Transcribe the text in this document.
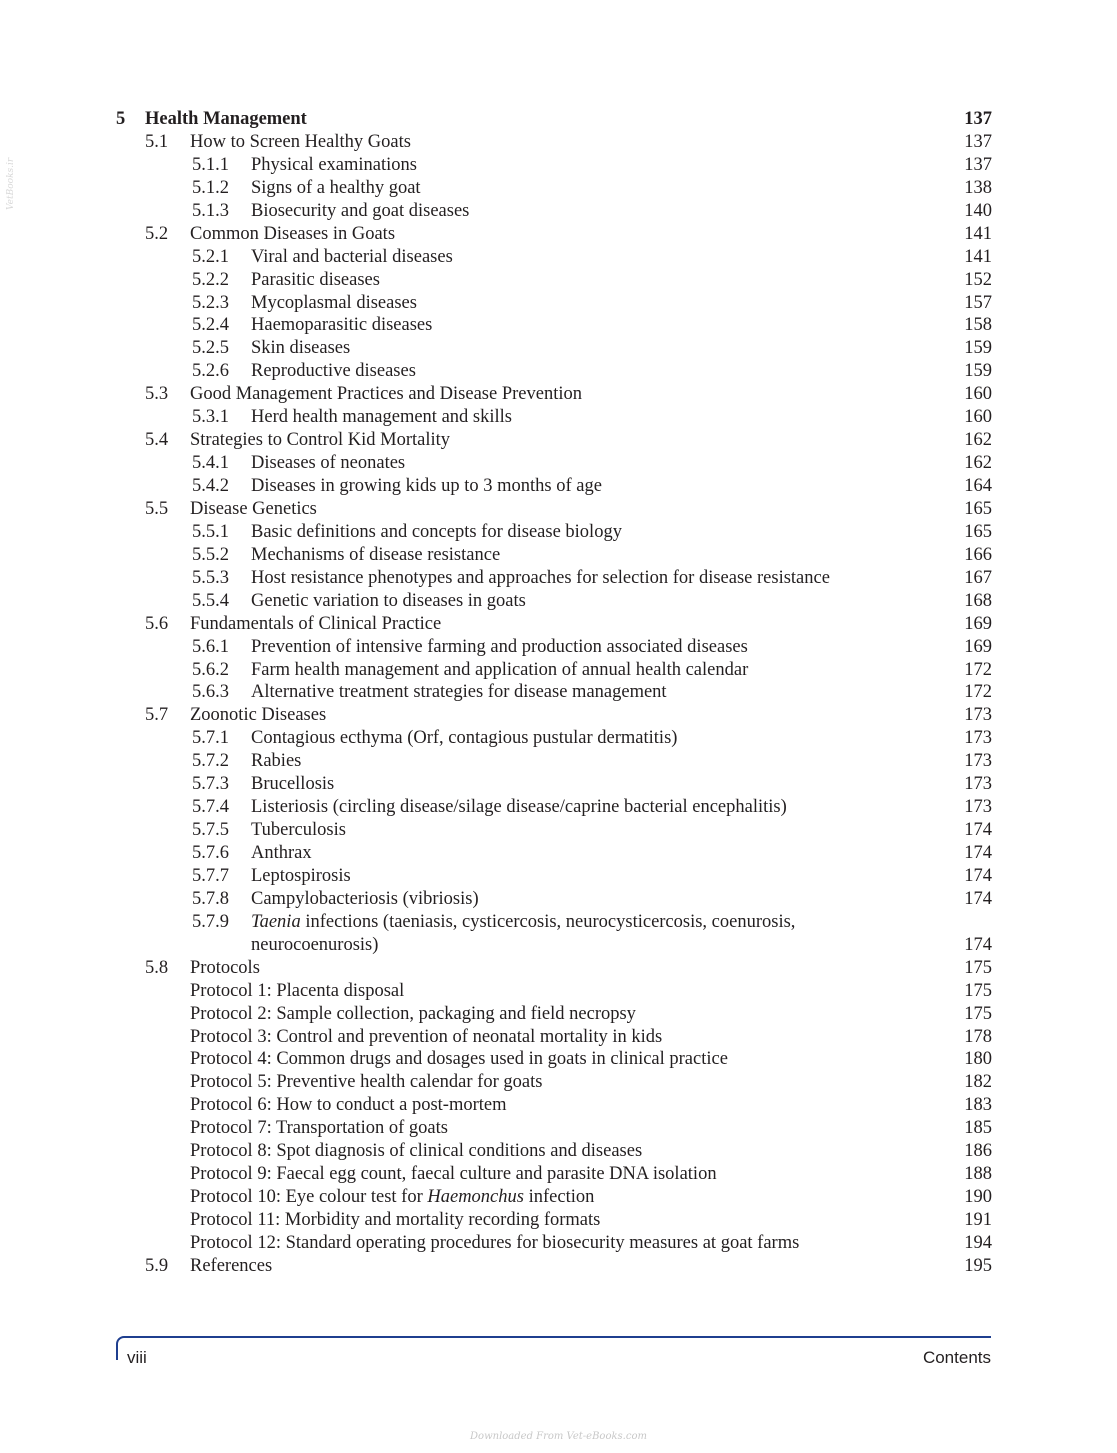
VetBooks.ir
5 Health Management	137
5.1 How to Screen Healthy Goats	137
5.1.1 Physical examinations	137
5.1.2 Signs of a healthy goat	138
5.1.3 Biosecurity and goat diseases	140
5.2 Common Diseases in Goats	141
5.2.1 Viral and bacterial diseases	141
5.2.2 Parasitic diseases	152
5.2.3 Mycoplasmal diseases	157
5.2.4 Haemoparasitic diseases	158
5.2.5 Skin diseases	159
5.2.6 Reproductive diseases	159
5.3 Good Management Practices and Disease Prevention	160
5.3.1 Herd health management and skills	160
5.4 Strategies to Control Kid Mortality	162
5.4.1 Diseases of neonates	162
5.4.2 Diseases in growing kids up to 3 months of age	164
5.5 Disease Genetics	165
5.5.1 Basic definitions and concepts for disease biology	165
5.5.2 Mechanisms of disease resistance	166
5.5.3 Host resistance phenotypes and approaches for selection for disease resistance	167
5.5.4 Genetic variation to diseases in goats	168
5.6 Fundamentals of Clinical Practice	169
5.6.1 Prevention of intensive farming and production associated diseases	169
5.6.2 Farm health management and application of annual health calendar	172
5.6.3 Alternative treatment strategies for disease management	172
5.7 Zoonotic Diseases	173
5.7.1 Contagious ecthyma (Orf, contagious pustular dermatitis)	173
5.7.2 Rabies	173
5.7.3 Brucellosis	173
5.7.4 Listeriosis (circling disease/silage disease/caprine bacterial encephalitis)	173
5.7.5 Tuberculosis	174
5.7.6 Anthrax	174
5.7.7 Leptospirosis	174
5.7.8 Campylobacteriosis (vibriosis)	174
5.7.9 Taenia infections (taeniasis, cysticercosis, neurocysticercosis, coenurosis,
neurocoenurosis)	174
5.8 Protocols	175
Protocol 1: Placenta disposal	175
Protocol 2: Sample collection, packaging and field necropsy	175
Protocol 3: Control and prevention of neonatal mortality in kids	178
Protocol 4: Common drugs and dosages used in goats in clinical practice	180
Protocol 5: Preventive health calendar for goats	182
Protocol 6: How to conduct a post-mortem	183
Protocol 7: Transportation of goats	185
Protocol 8: Spot diagnosis of clinical conditions and diseases	186
Protocol 9: Faecal egg count, faecal culture and parasite DNA isolation	188
Protocol 10: Eye colour test for Haemonchus infection	190
Protocol 11: Morbidity and mortality recording formats	191
Protocol 12: Standard operating procedures for biosecurity measures at goat farms	194
5.9 References	195
viii	Contents
Downloaded From Vet-eBooks.com
